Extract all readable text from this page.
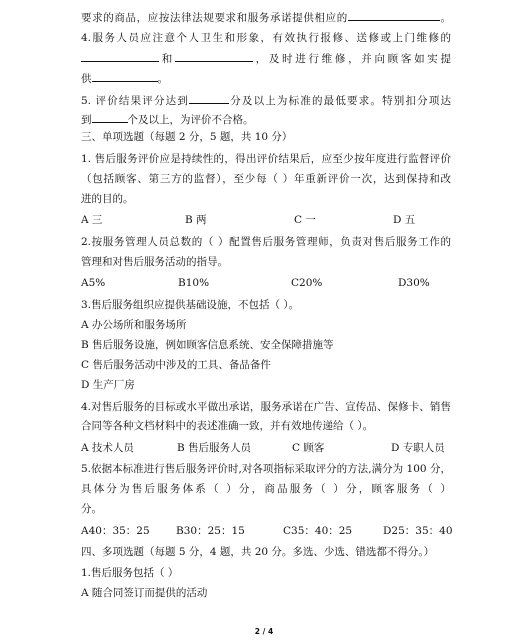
要求的商品，应按法律法规要求和服务承诺提供相应的	。
4.服务人员应注意个人卫生和形象，有效执行报修、送修或上门维修的
和	，及时进行维修，并向顾客如实提
供	。
5. 评价结果评分达到	分及以上为标准的最低要求。特别扣分项达
到	个及以上，为评价不合格。
三、单项选题（每题 2 分，5 题，共 10 分）
1. 售后服务评价应是持续性的，得出评价结果后，应至少按年度进行监督评价
（包括顾客、第三方的监督），至少每（ ）年重新评价一次，达到保持和改
进的目的。
A 三	B 两	C 一	D 五
2.按服务管理人员总数的（ ）配置售后服务管理师，负责对售后服务工作的
管理和对售后服务活动的指导。
A5%	B10%	C20%	D30%
3.售后服务组织应提供基础设施，不包括（ ）。
A 办公场所和服务场所
B 售后服务设施，例如顾客信息系统、安全保障措施等
C 售后服务活动中涉及的工具、备品备件
D 生产厂房
4.对售后服务的目标或水平做出承诺，服务承诺在广告、宣传品、保修卡、销售
合同等各种文档材料中的表述准确一致，并有效地传递给（ ）。
A 技术人员	B 售后服务人员	C 顾客	D 专职人员
5.依据本标准进行售后服务评价时,对各项指标采取评分的方法,满分为 100 分，
具体分为售后服务体系（ ）分，商品服务（ ）分，顾客服务（ ）
分。
A40：35：25	B30：25：15	C35：40：25	D25：35：40
四、多项选题（每题 5 分，4 题，共 20 分。多选、少选、错选都不得分。）
1.售后服务包括（ ）
A 随合同签订而提供的活动
2 / 4
